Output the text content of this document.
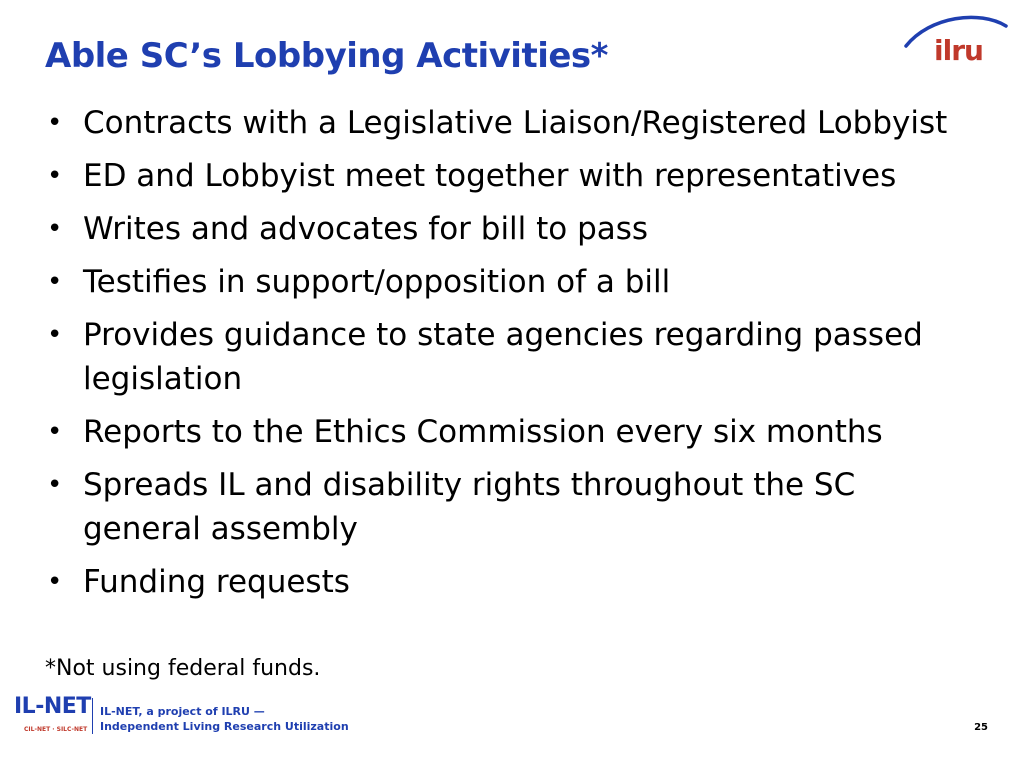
Able SC’s Lobbying Activities*	ilru
• Contracts with a Legislative Liaison/Registered Lobbyist
• ED and Lobbyist meet together with representatives
• Writes and advocates for bill to pass
• Testifies in support/opposition of a bill
• Provides guidance to state agencies regarding passed legislation
• Reports to the Ethics Commission every six months
• Spreads IL and disability rights throughout the SC general assembly
• Funding requests
*Not using federal funds.
IL-NET
CIL-NET · SILC-NET
IL-NET, a project of ILRU —
Independent Living Research Utilization	25
